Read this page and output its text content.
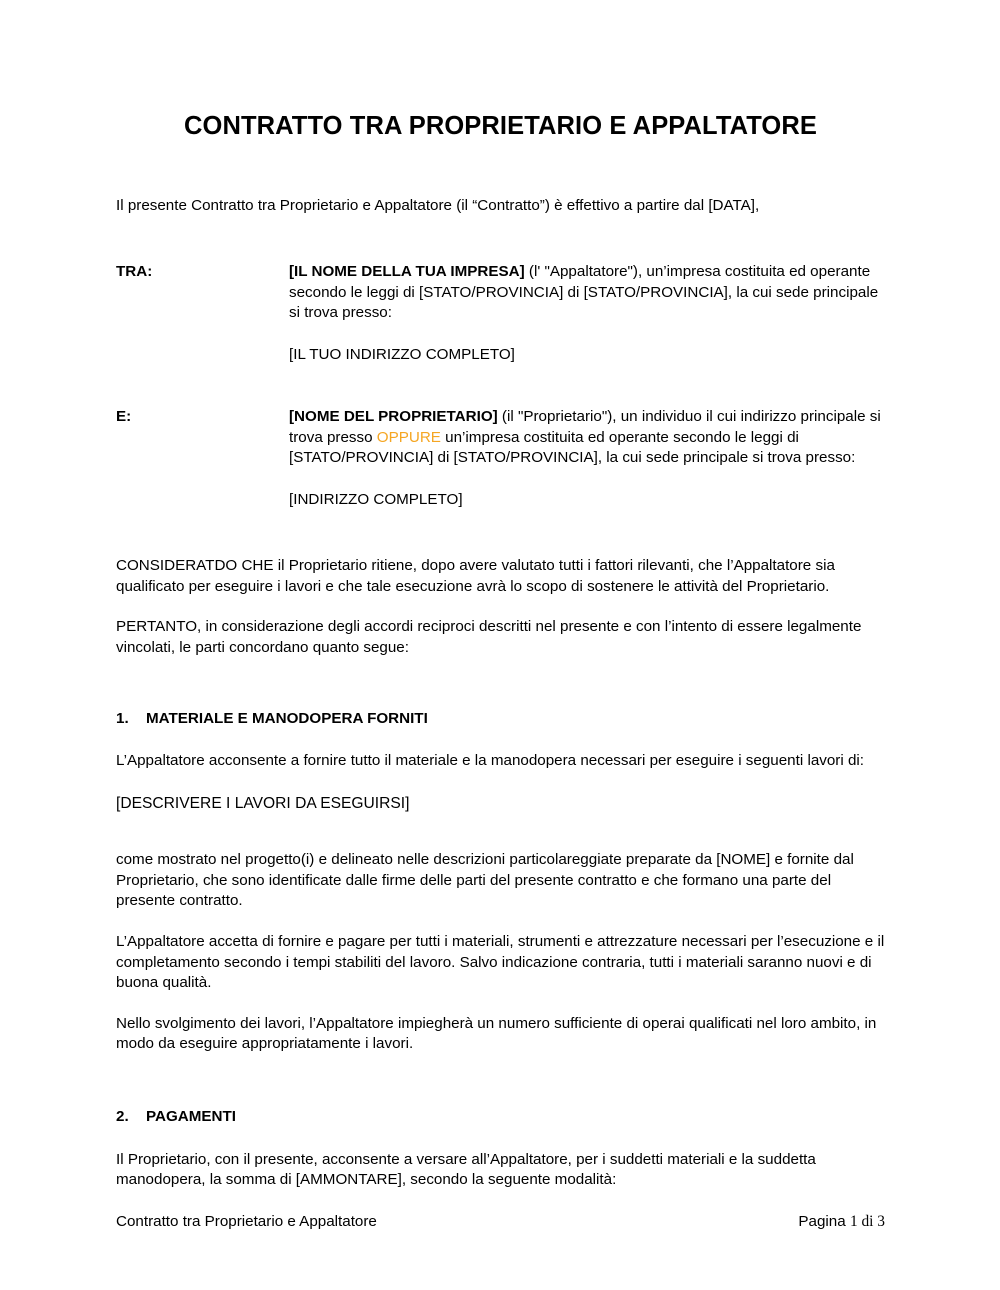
CONTRATTO TRA PROPRIETARIO E APPALTATORE

Il presente Contratto tra Proprietario e Appaltatore (il “Contratto”) è effettivo a partire dal [DATA],

TRA:	[IL NOME DELLA TUA IMPRESA] (l' "Appaltatore"), un’impresa costituita ed operante secondo le leggi di [STATO/PROVINCIA] di [STATO/PROVINCIA], la cui sede principale si trova presso:
[IL TUO INDIRIZZO COMPLETO]
E:	[NOME DEL PROPRIETARIO] (il "Proprietario"), un individuo il cui indirizzo principale si trova presso OPPURE un’impresa costituita ed operante secondo le leggi di [STATO/PROVINCIA] di [STATO/PROVINCIA], la cui sede principale si trova presso:
[INDIRIZZO COMPLETO]

CONSIDERATDO CHE il Proprietario ritiene, dopo avere valutato tutti i fattori rilevanti, che l’Appaltatore sia qualificato per eseguire i lavori e che tale esecuzione avrà lo scopo di sostenere le attività del Proprietario.

PERTANTO, in considerazione degli accordi reciproci descritti nel presente e con l’intento di essere legalmente vincolati, le parti concordano quanto segue:

1.	MATERIALE E MANODOPERA FORNITI

L’Appaltatore acconsente a fornire tutto il materiale e la manodopera necessari per eseguire i seguenti lavori di:

[DESCRIVERE I LAVORI DA ESEGUIRSI]

come mostrato nel progetto(i) e delineato nelle descrizioni particolareggiate preparate da [NOME] e fornite dal Proprietario, che sono identificate dalle firme delle parti del presente contratto e che formano una parte del presente contratto.

L’Appaltatore accetta di fornire e pagare per tutti i materiali, strumenti e attrezzature necessari per l’esecuzione e il completamento secondo i tempi stabiliti del lavoro. Salvo indicazione contraria, tutti i materiali saranno nuovi e di buona qualità.

Nello svolgimento dei lavori, l’Appaltatore impiegherà un numero sufficiente di operai qualificati nel loro ambito, in modo da eseguire appropriatamente i lavori.

2.	PAGAMENTI

Il Proprietario, con il presente, acconsente a versare all’Appaltatore, per i suddetti materiali e la suddetta manodopera, la somma di [AMMONTARE], secondo la seguente modalità:

Contratto tra Proprietario e Appaltatore	Pagina 1 di 3
